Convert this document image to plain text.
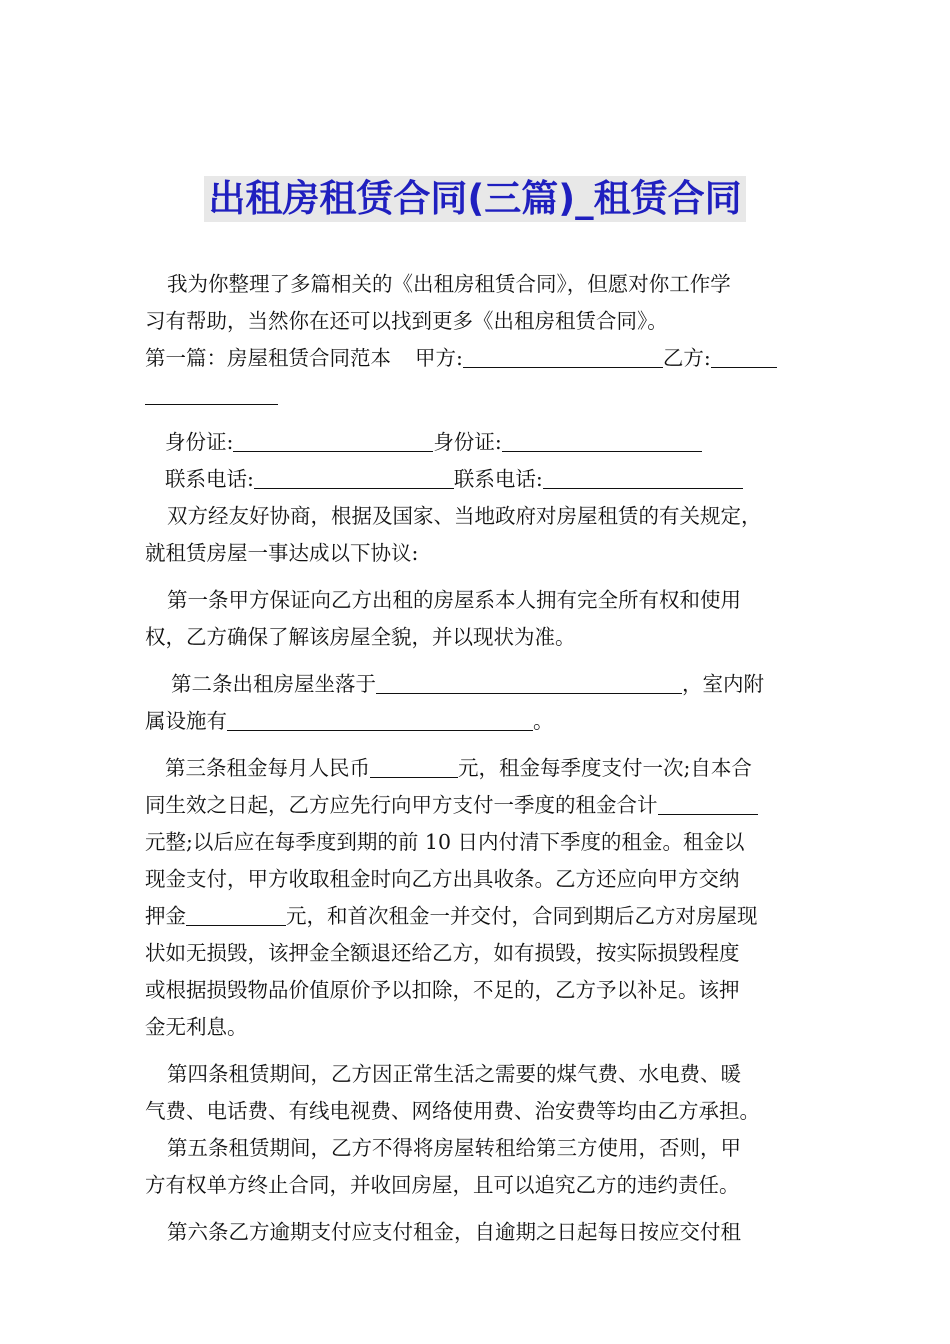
出租房租赁合同(三篇)_租赁合同

我为你整理了多篇相关的《出租房租赁合同》，但愿对你工作学

习有帮助，当然你在还可以找到更多《出租房租赁合同》。

第一篇：房屋租赁合同范本 甲方:	乙方:

身份证:	身份证:

联系电话:	联系电话:

双方经友好协商，根据及国家、当地政府对房屋租赁的有关规定，

就租赁房屋一事达成以下协议:

第一条甲方保证向乙方出租的房屋系本人拥有完全所有权和使用

权，乙方确保了解该房屋全貌，并以现状为准。

第二条出租房屋坐落于	，室内附

属设施有	。

第三条租金每月人民币	元，租金每季度支付一次;自本合

同生效之日起，乙方应先行向甲方支付一季度的租金合计

元整;以后应在每季度到期的前 10 日内付清下季度的租金。租金以

现金支付，甲方收取租金时向乙方出具收条。乙方还应向甲方交纳

押金	元，和首次租金一并交付，合同到期后乙方对房屋现

状如无损毁，该押金全额退还给乙方，如有损毁，按实际损毁程度

或根据损毁物品价值原价予以扣除，不足的，乙方予以补足。该押

金无利息。

第四条租赁期间，乙方因正常生活之需要的煤气费、水电费、暖

气费、电话费、有线电视费、网络使用费、治安费等均由乙方承担。

第五条租赁期间，乙方不得将房屋转租给第三方使用，否则，甲

方有权单方终止合同，并收回房屋，且可以追究乙方的违约责任。

第六条乙方逾期支付应支付租金，自逾期之日起每日按应交付租
